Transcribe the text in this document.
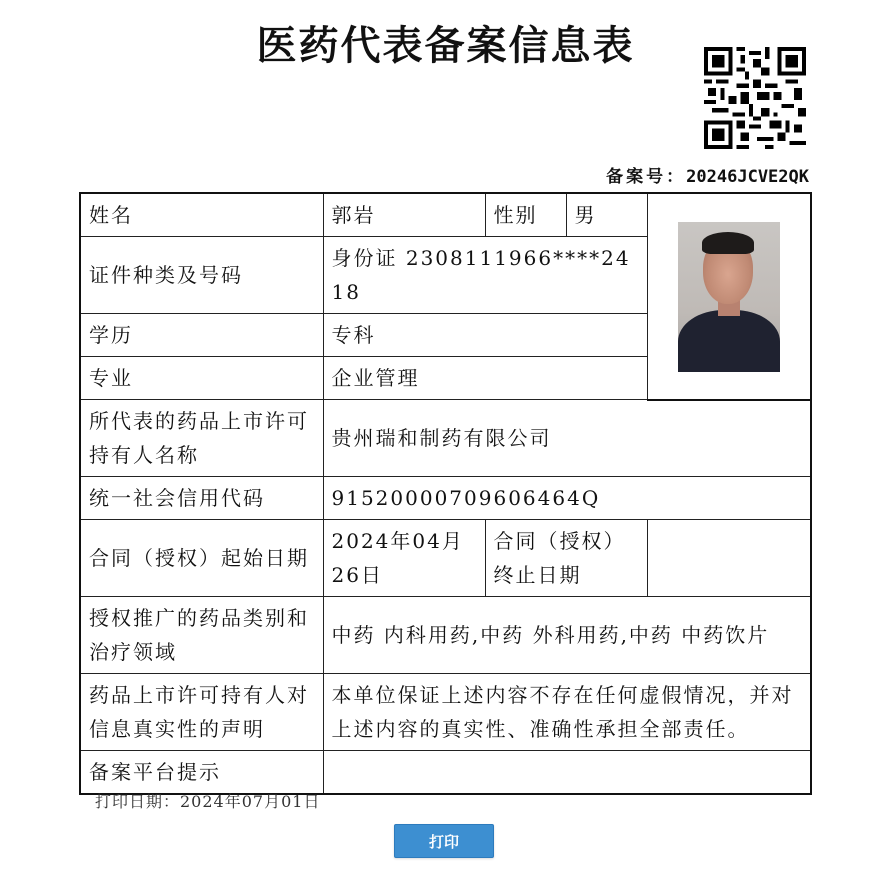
医药代表备案信息表
备案号：20246JCVE2QK
姓名	郭岩	性别	男	

证件种类及号码	身份证 2308111966****2418			
学历	专科			
专业	企业管理			
所代表的药品上市许可持有人名称	贵州瑞和制药有限公司			
统一社会信用代码	91520000709606464Q			
合同（授权）起始日期	2024年04月26日	合同（授权）终止日期		
授权推广的药品类别和治疗领域	中药 内科用药,中药 外科用药,中药 中药饮片			
药品上市许可持有人对信息真实性的声明	本单位保证上述内容不存在任何虚假情况，并对上述内容的真实性、准确性承担全部责任。			
备案平台提示				
打印日期：2024年07月01日
打印
